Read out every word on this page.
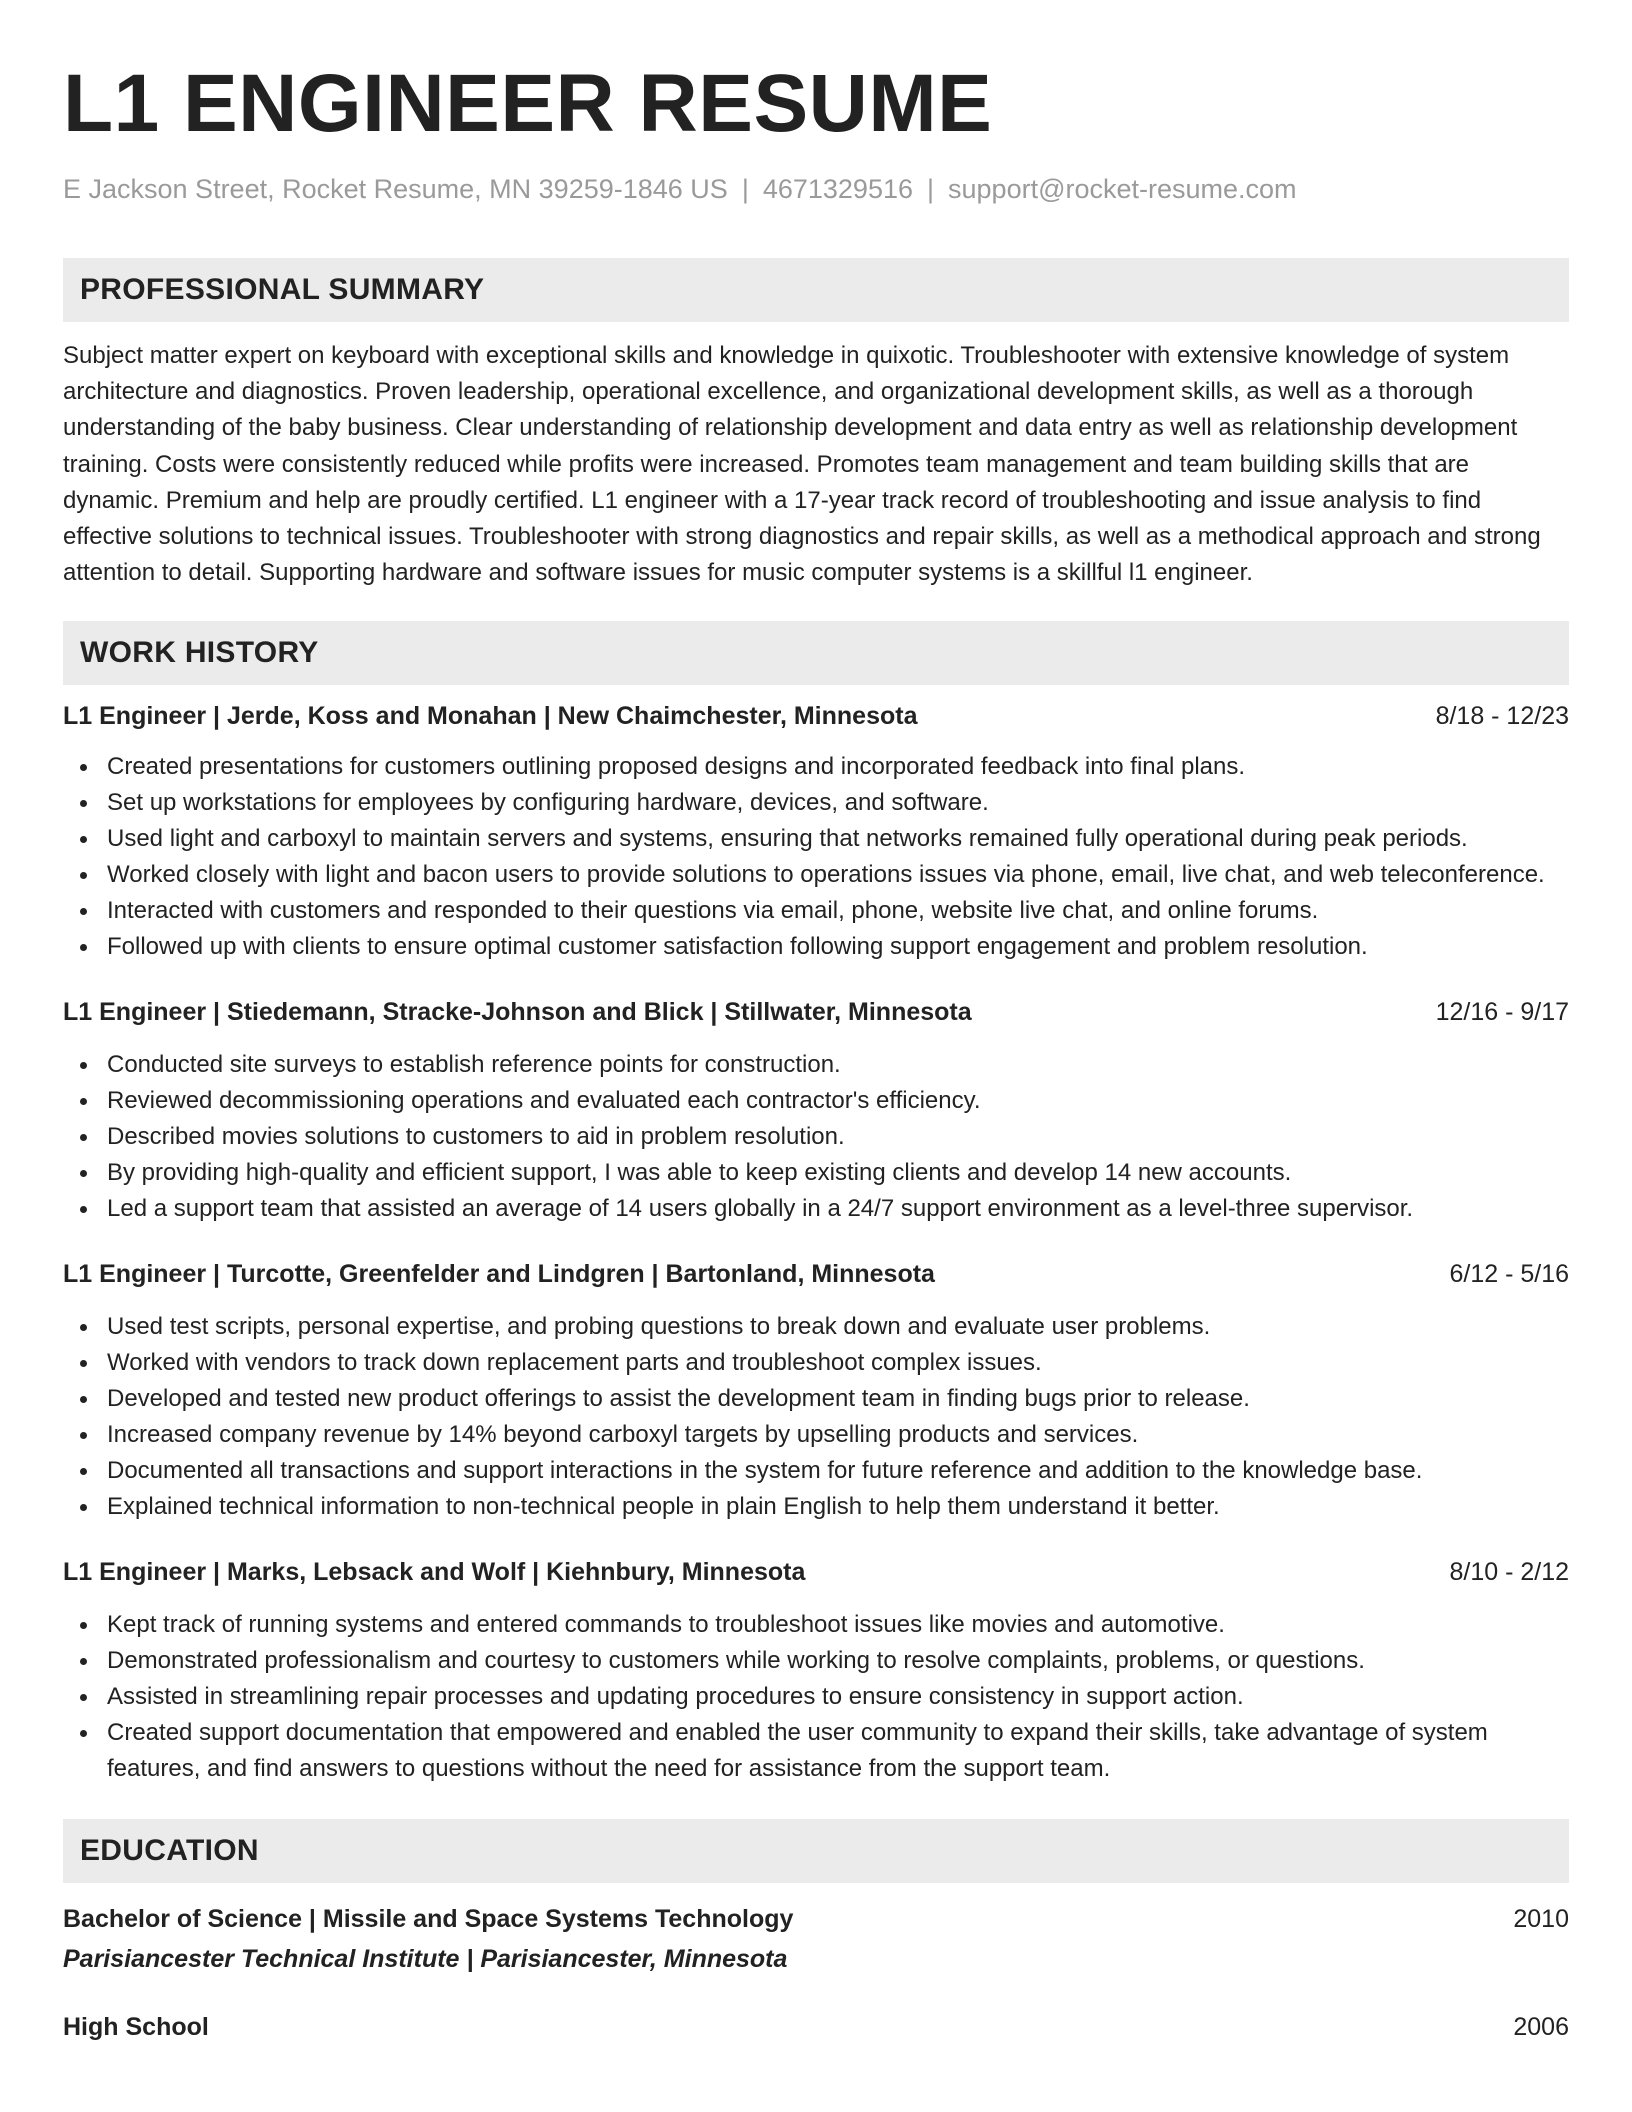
L1 ENGINEER RESUME
E Jackson Street, Rocket Resume, MN 39259-1846 US | 4671329516 | support@rocket-resume.com
PROFESSIONAL SUMMARY
Subject matter expert on keyboard with exceptional skills and knowledge in quixotic. Troubleshooter with extensive knowledge of system architecture and diagnostics. Proven leadership, operational excellence, and organizational development skills, as well as a thorough understanding of the baby business. Clear understanding of relationship development and data entry as well as relationship development training. Costs were consistently reduced while profits were increased. Promotes team management and team building skills that are dynamic. Premium and help are proudly certified. L1 engineer with a 17-year track record of troubleshooting and issue analysis to find effective solutions to technical issues. Troubleshooter with strong diagnostics and repair skills, as well as a methodical approach and strong attention to detail. Supporting hardware and software issues for music computer systems is a skillful l1 engineer.
WORK HISTORY
L1 Engineer | Jerde, Koss and Monahan | New Chaimchester, Minnesota	8/18 - 12/23
Created presentations for customers outlining proposed designs and incorporated feedback into final plans.
Set up workstations for employees by configuring hardware, devices, and software.
Used light and carboxyl to maintain servers and systems, ensuring that networks remained fully operational during peak periods.
Worked closely with light and bacon users to provide solutions to operations issues via phone, email, live chat, and web teleconference.
Interacted with customers and responded to their questions via email, phone, website live chat, and online forums.
Followed up with clients to ensure optimal customer satisfaction following support engagement and problem resolution.
L1 Engineer | Stiedemann, Stracke-Johnson and Blick | Stillwater, Minnesota	12/16 - 9/17
Conducted site surveys to establish reference points for construction.
Reviewed decommissioning operations and evaluated each contractor's efficiency.
Described movies solutions to customers to aid in problem resolution.
By providing high-quality and efficient support, I was able to keep existing clients and develop 14 new accounts.
Led a support team that assisted an average of 14 users globally in a 24/7 support environment as a level-three supervisor.
L1 Engineer | Turcotte, Greenfelder and Lindgren | Bartonland, Minnesota	6/12 - 5/16
Used test scripts, personal expertise, and probing questions to break down and evaluate user problems.
Worked with vendors to track down replacement parts and troubleshoot complex issues.
Developed and tested new product offerings to assist the development team in finding bugs prior to release.
Increased company revenue by 14% beyond carboxyl targets by upselling products and services.
Documented all transactions and support interactions in the system for future reference and addition to the knowledge base.
Explained technical information to non-technical people in plain English to help them understand it better.
L1 Engineer | Marks, Lebsack and Wolf | Kiehnbury, Minnesota	8/10 - 2/12
Kept track of running systems and entered commands to troubleshoot issues like movies and automotive.
Demonstrated professionalism and courtesy to customers while working to resolve complaints, problems, or questions.
Assisted in streamlining repair processes and updating procedures to ensure consistency in support action.
Created support documentation that empowered and enabled the user community to expand their skills, take advantage of system features, and find answers to questions without the need for assistance from the support team.
EDUCATION
Bachelor of Science | Missile and Space Systems Technology	2010
Parisiancester Technical Institute | Parisiancester, Minnesota
High School	2006
